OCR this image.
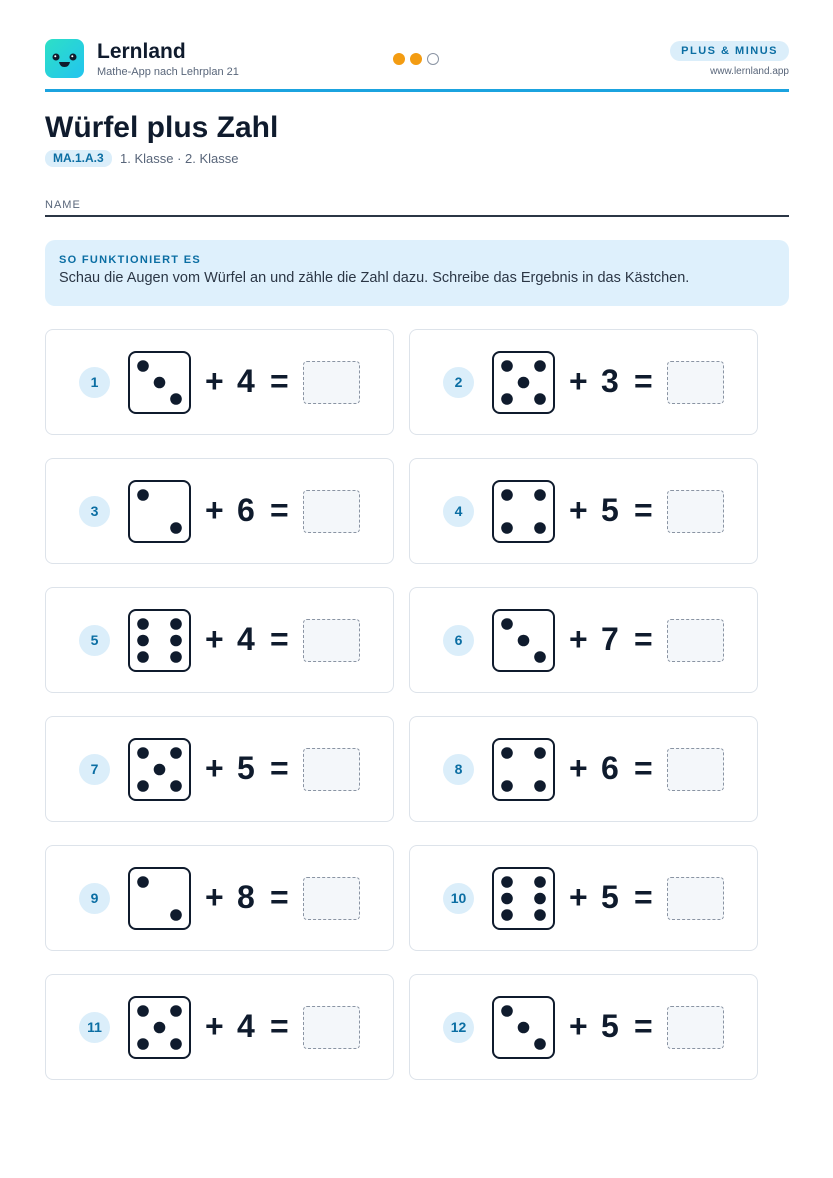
Lernland
Mathe-App nach Lehrplan 21
PLUS & MINUS
www.lernland.app
Würfel plus Zahl
MA.1.A.3	1. Klasse · 2. Klasse
NAME
SO FUNKTIONIERT ES
Schau die Augen vom Würfel an und zähle die Zahl dazu. Schreibe das Ergebnis in das Kästchen.
1	+ 4 =	2	+ 3 =
3	+ 6 =	4	+ 5 =
5	+ 4 =	6	+ 7 =
7	+ 5 =	8	+ 6 =
9	+ 8 =	10	+ 5 =
11	+ 4 =	12	+ 5 =
